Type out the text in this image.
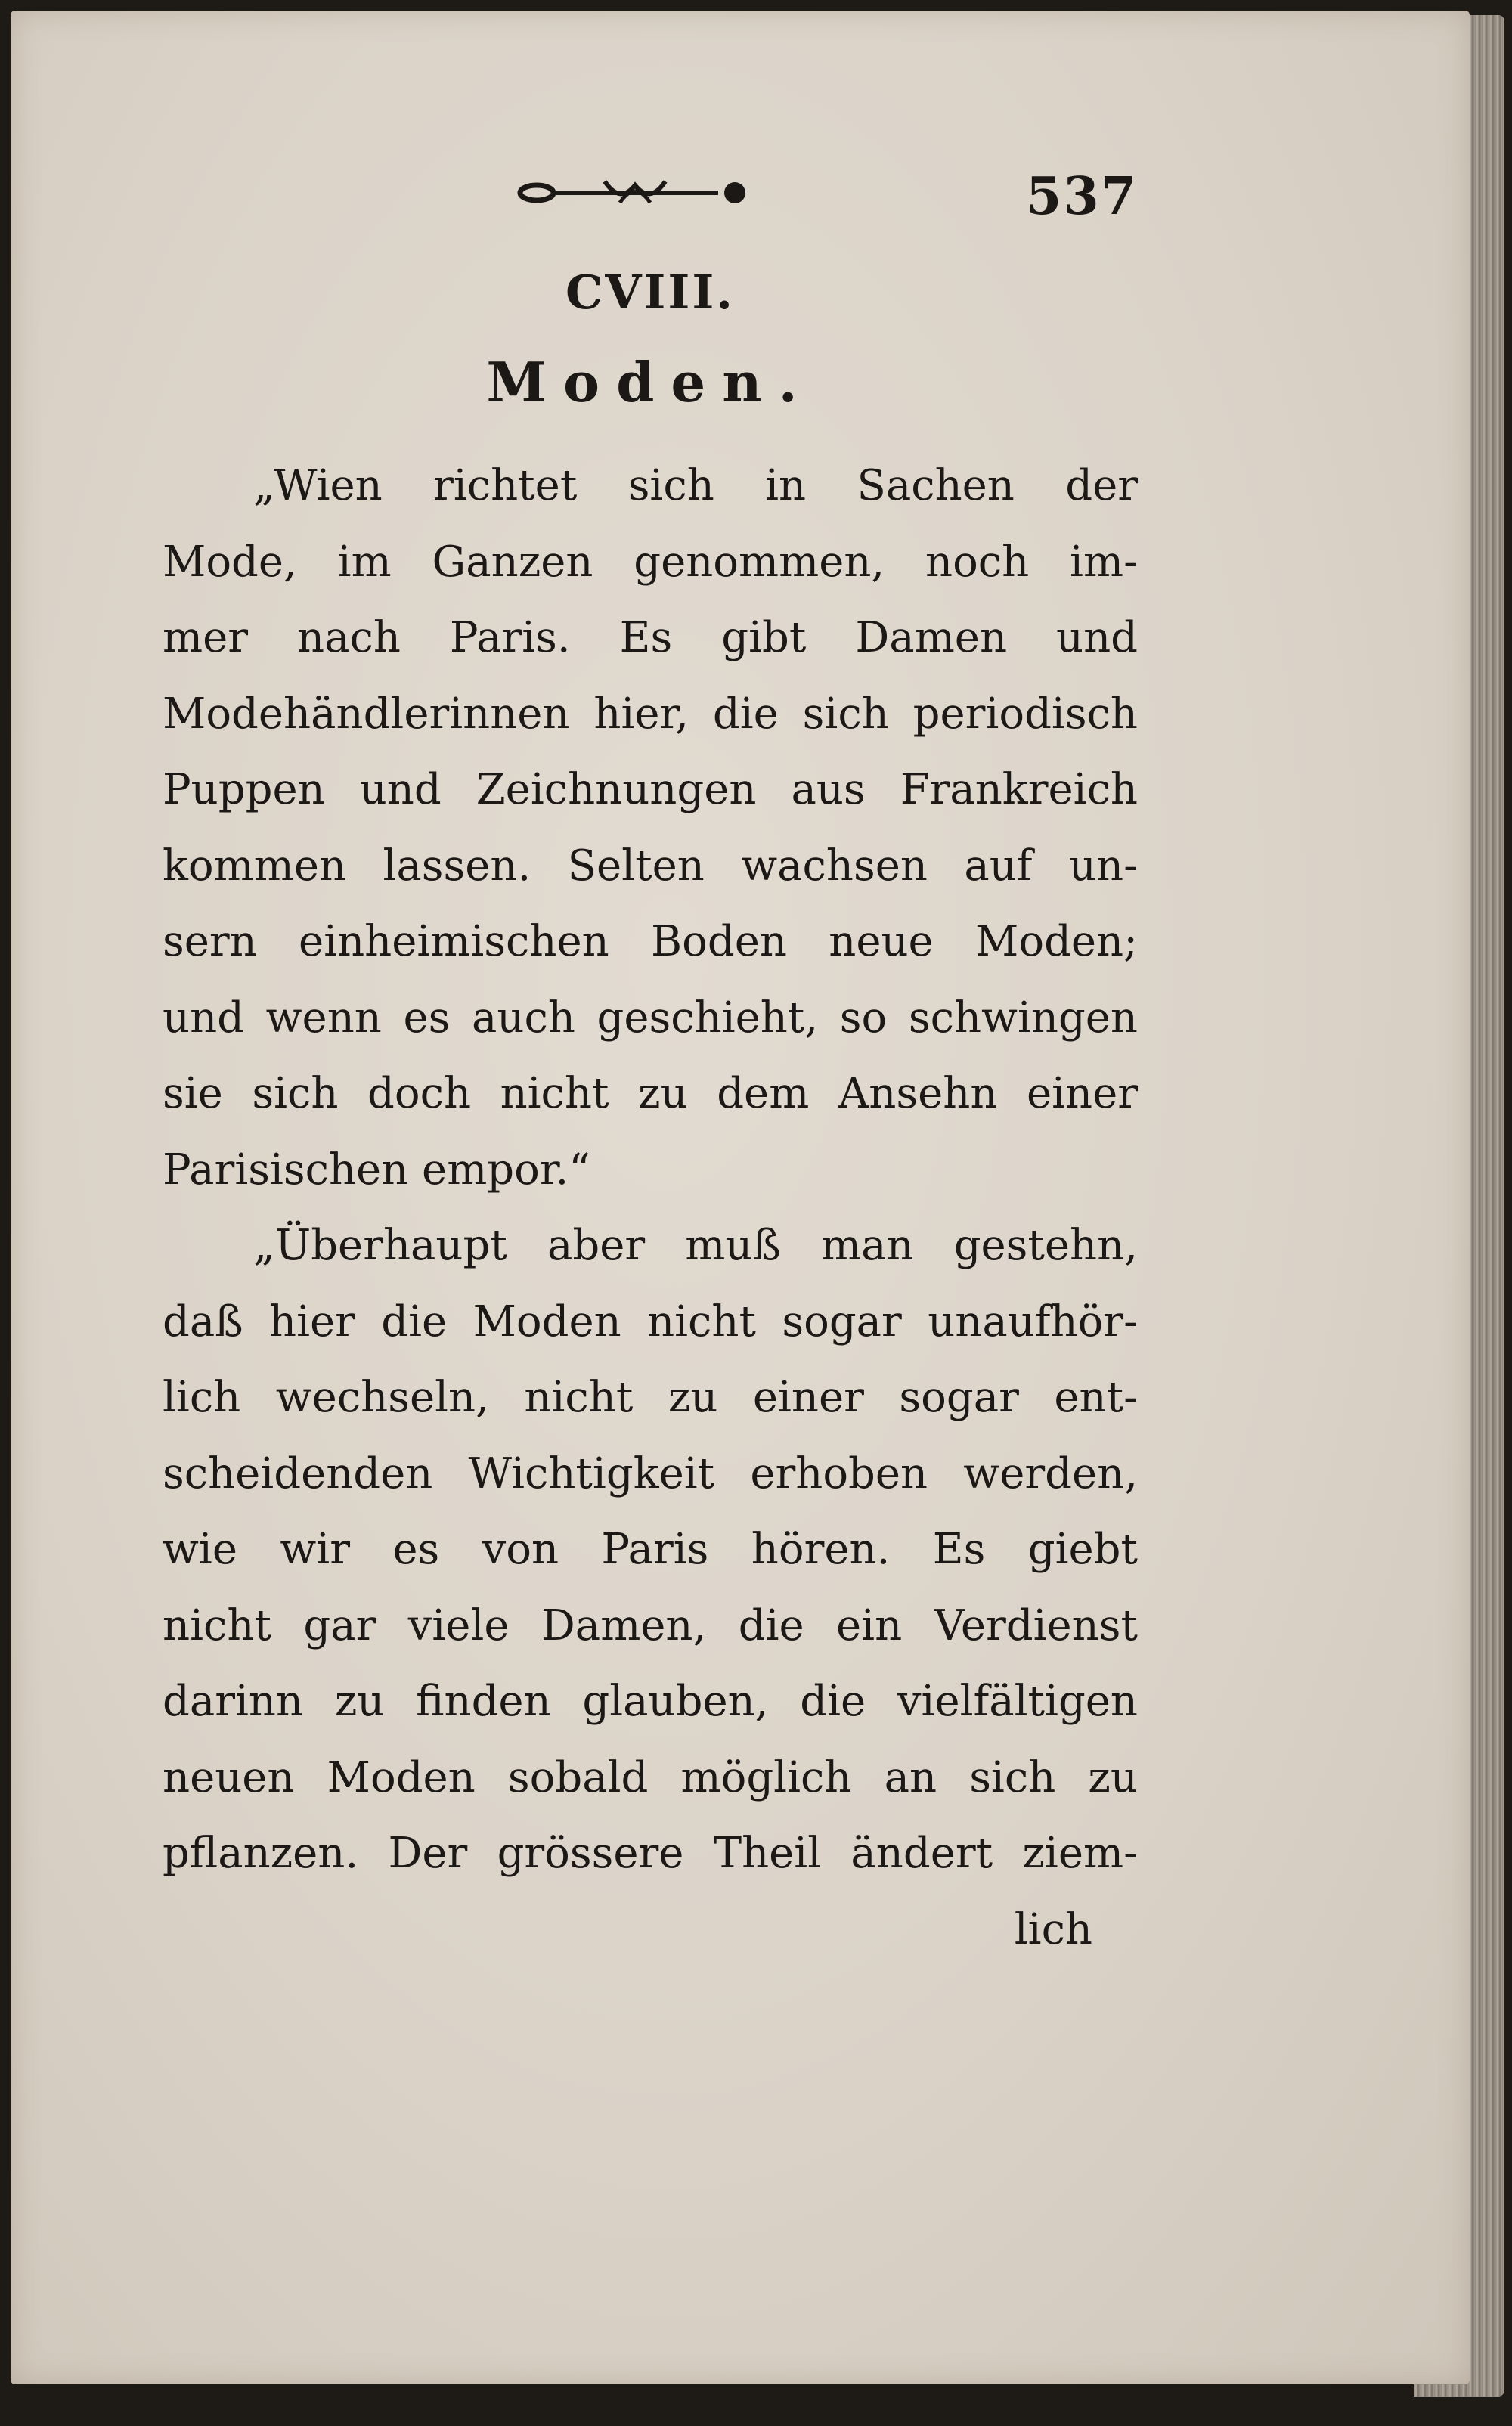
537
CVIII.
Moden.

„Wien richtet sich in Sachen der
Mode, im Ganzen genommen, noch im-
mer nach Paris. Es gibt Damen und
Modehändlerinnen hier, die sich periodisch
Puppen und Zeichnungen aus Frankreich
kommen lassen. Selten wachsen auf un-
sern einheimischen Boden neue Moden;
und wenn es auch geschieht, so schwingen
sie sich doch nicht zu dem Ansehn einer
Parisischen empor.“

„Überhaupt aber muß man gestehn,
daß hier die Moden nicht sogar unaufhör-
lich wechseln, nicht zu einer sogar ent-
scheidenden Wichtigkeit erhoben werden,
wie wir es von Paris hören. Es giebt
nicht gar viele Damen, die ein Verdienst
darinn zu finden glauben, die vielfältigen
neuen Moden sobald möglich an sich zu
pflanzen. Der grössere Theil ändert ziem-

lich
